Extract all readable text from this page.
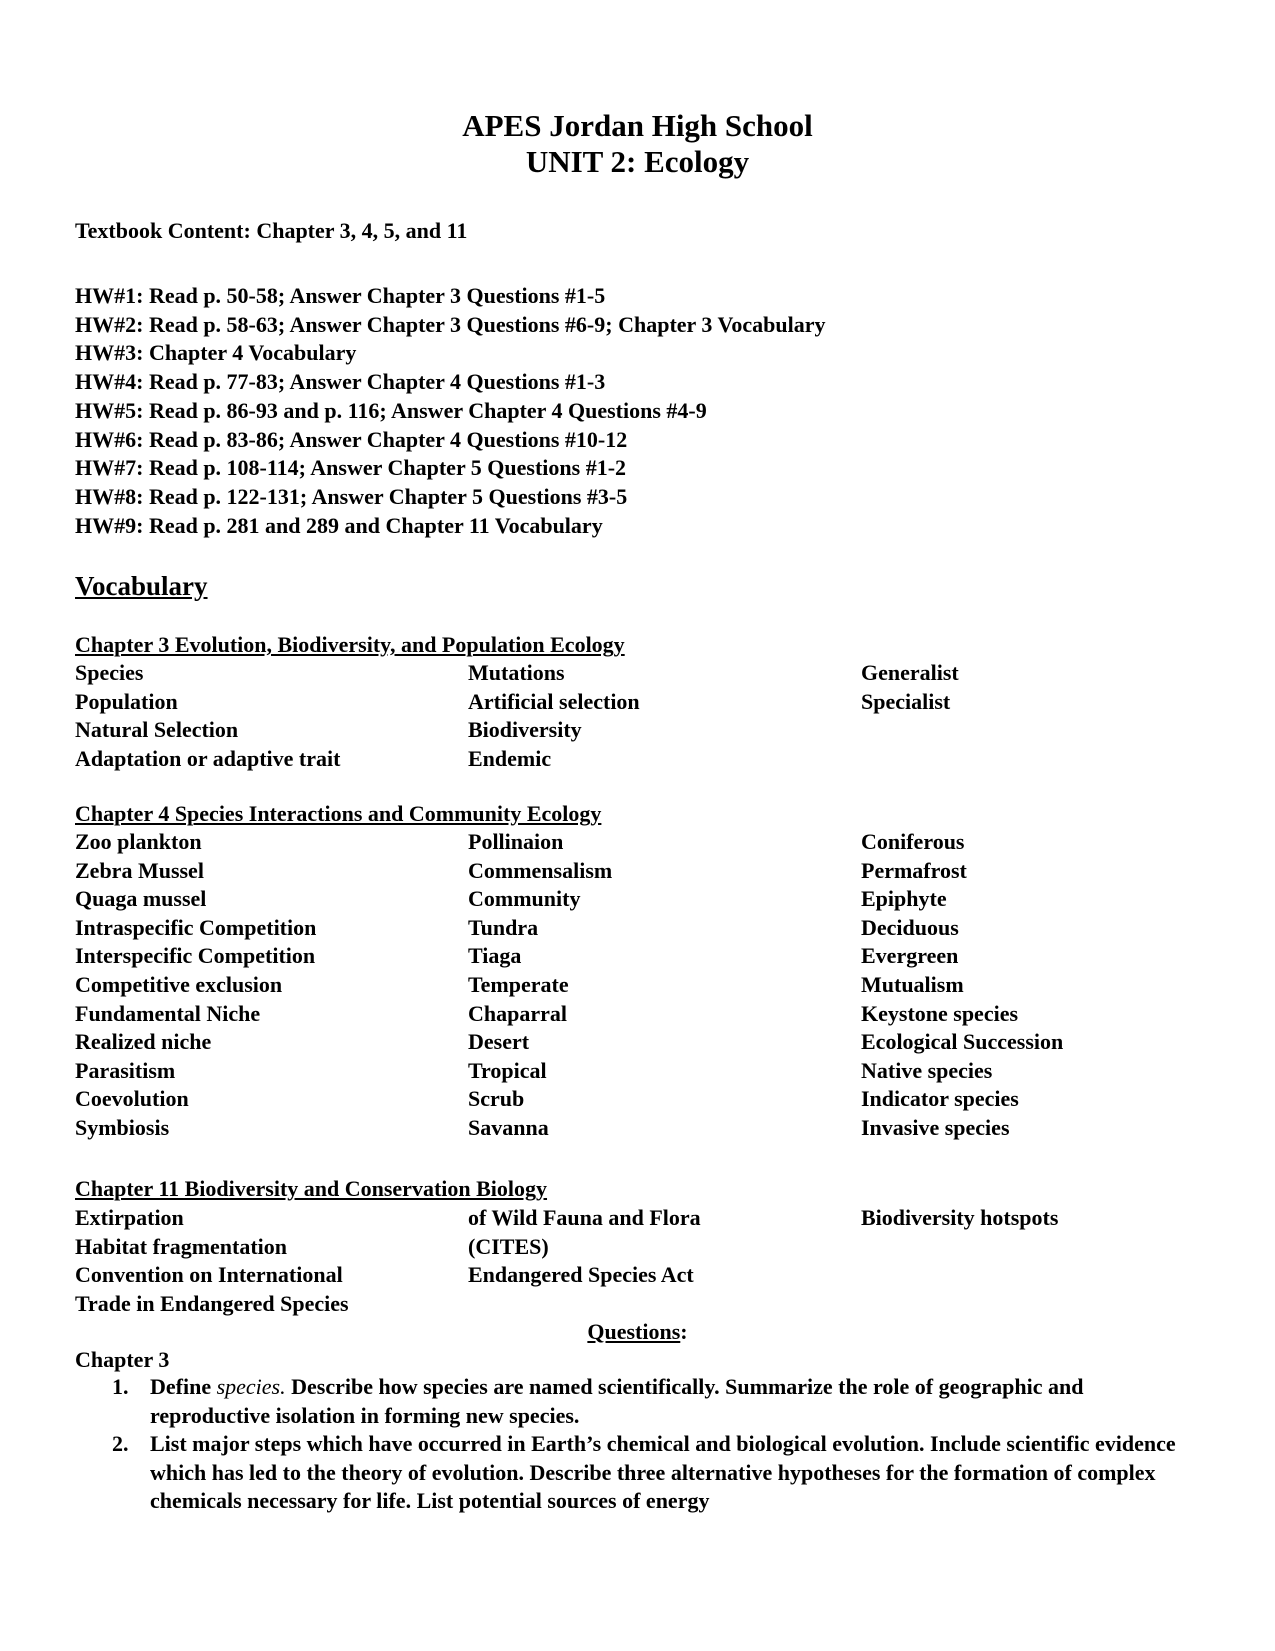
APES Jordan High School
UNIT 2: Ecology
Textbook Content: Chapter 3, 4, 5, and 11
HW#1: Read p. 50-58; Answer Chapter 3 Questions #1-5
HW#2: Read p. 58-63; Answer Chapter 3 Questions #6-9; Chapter 3 Vocabulary
HW#3: Chapter 4 Vocabulary
HW#4: Read p. 77-83; Answer Chapter 4 Questions #1-3
HW#5: Read p. 86-93 and p. 116; Answer Chapter 4 Questions #4-9
HW#6: Read p. 83-86; Answer Chapter 4 Questions #10-12
HW#7: Read p. 108-114; Answer Chapter 5 Questions #1-2
HW#8: Read p. 122-131; Answer Chapter 5 Questions #3-5
HW#9: Read p. 281 and 289 and Chapter 11 Vocabulary
Vocabulary
Chapter 3 Evolution, Biodiversity, and Population Ecology
Species
Population
Natural Selection
Adaptation or adaptive trait
Mutations
Artificial selection
Biodiversity
Endemic
Generalist
Specialist
Chapter 4 Species Interactions and Community Ecology
Zoo plankton
Zebra Mussel
Quaga mussel
Intraspecific Competition
Interspecific Competition
Competitive exclusion
Fundamental Niche
Realized niche
Parasitism
Coevolution
Symbiosis
Pollinaion
Commensalism
Community
Tundra
Tiaga
Temperate
Chaparral
Desert
Tropical
Scrub
Savanna
Coniferous
Permafrost
Epiphyte
Deciduous
Evergreen
Mutualism
Keystone species
Ecological Succession
Native species
Indicator species
Invasive species
Chapter 11 Biodiversity and Conservation Biology
Extirpation
Habitat fragmentation
Convention on International
Trade in Endangered Species
of Wild Fauna and Flora
(CITES)
Endangered Species Act
Biodiversity hotspots
Questions:
Chapter 3
1. Define species. Describe how species are named scientifically. Summarize the role of geographic and reproductive isolation in forming new species.
2. List major steps which have occurred in Earth’s chemical and biological evolution. Include scientific evidence which has led to the theory of evolution. Describe three alternative hypotheses for the formation of complex chemicals necessary for life. List potential sources of energy
